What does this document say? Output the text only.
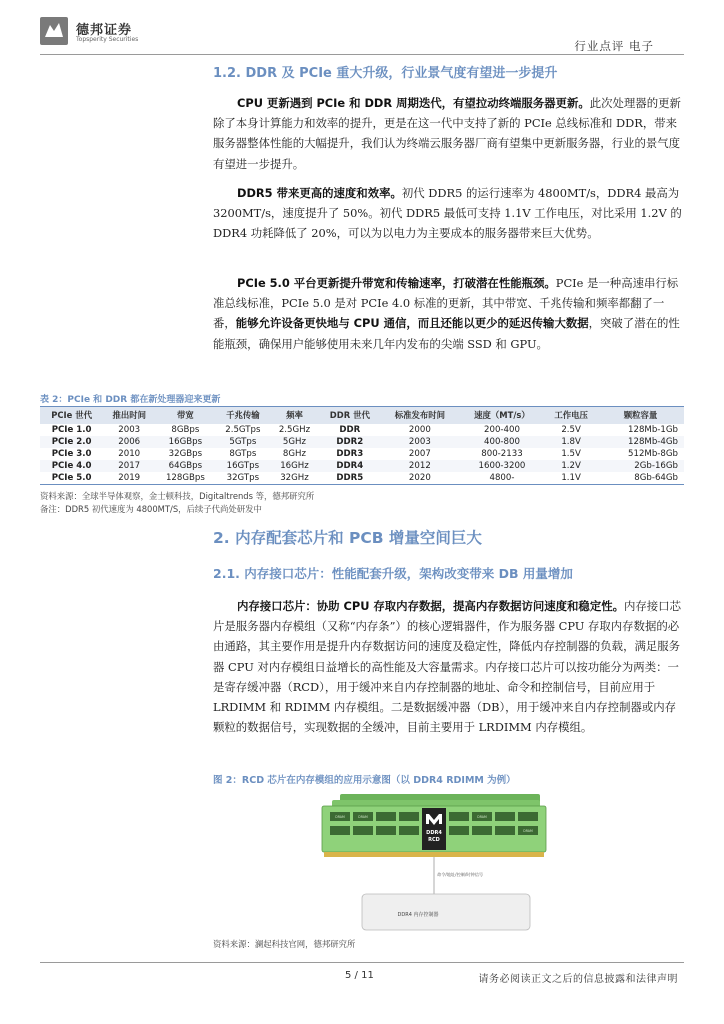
德邦证券
Topsperity Securities	行业点评 电子
1.2. DDR 及 PCIe 重大升级，行业景气度有望进一步提升
CPU 更新遇到 PCIe 和 DDR 周期迭代，有望拉动终端服务器更新。此次处理器的更新除了本身计算能力和效率的提升，更是在这一代中支持了新的 PCIe 总线标准和 DDR，带来服务器整体性能的大幅提升，我们认为终端云服务器厂商有望集中更新服务器，行业的景气度有望进一步提升。
DDR5 带来更高的速度和效率。初代 DDR5 的运行速率为 4800MT/s，DDR4 最高为 3200MT/s，速度提升了 50%。初代 DDR5 最低可支持 1.1V 工作电压，对比采用 1.2V 的 DDR4 功耗降低了 20%，可以为以电力为主要成本的服务器带来巨大优势。
PCIe 5.0 平台更新提升带宽和传输速率，打破潜在性能瓶颈。PCIe 是一种高速串行标准总线标准，PCIe 5.0 是对 PCIe 4.0 标准的更新，其中带宽、千兆传输和频率都翻了一番，能够允许设备更快地与 CPU 通信，而且还能以更少的延迟传输大数据，突破了潜在的性能瓶颈，确保用户能够使用未来几年内发布的尖端 SSD 和 GPU。
表 2：PCIe 和 DDR 都在新处理器迎来更新
PCIe 世代	推出时间	带宽	千兆传输	频率	DDR 世代	标准发布时间	速度（MT/s）	工作电压	颗粒容量
PCIe 1.0	2003	8GBps	2.5GTps	2.5GHz	DDR	2000	200-400	2.5V	128Mb-1Gb
PCIe 2.0	2006	16GBps	5GTps	5GHz	DDR2	2003	400-800	1.8V	128Mb-4Gb
PCIe 3.0	2010	32GBps	8GTps	8GHz	DDR3	2007	800-2133	1.5V	512Mb-8Gb
PCIe 4.0	2017	64GBps	16GTps	16GHz	DDR4	2012	1600-3200	1.2V	2Gb-16Gb
PCIe 5.0	2019	128GBps	32GTps	32GHz	DDR5	2020	4800-	1.1V	8Gb-64Gb
资料来源：全球半导体观察，金士顿科技，Digitaltrends 等，德邦研究所
备注：DDR5 初代速度为 4800MT/S，后续子代尚处研发中
2. 内存配套芯片和 PCB 增量空间巨大
2.1. 内存接口芯片：性能配套升级，架构改变带来 DB 用量增加
内存接口芯片：协助 CPU 存取内存数据，提高内存数据访问速度和稳定性。内存接口芯片是服务器内存模组（又称“内存条”）的核心逻辑器件，作为服务器 CPU 存取内存数据的必由通路，其主要作用是提升内存数据访问的速度及稳定性，降低内存控制器的负载，满足服务器 CPU 对内存模组日益增长的高性能及大容量需求。内存接口芯片可以按功能分为两类：一是寄存缓冲器（RCD），用于缓冲来自内存控制器的地址、命令和控制信号，目前应用于 LRDIMM 和 RDIMM 内存模组。二是数据缓冲器（DB），用于缓冲来自内存控制器或内存颗粒的数据信号，实现数据的全缓冲，目前主要用于 LRDIMM 内存模组。
图 2：RCD 芯片在内存模组的应用示意图（以 DDR4 RDIMM 为例）
DRAM	DRAM	DRAM
DRAM
DDR4
RCD
命令/地址/控制/时钟信号
DDR4 内存控制器
资料来源：澜起科技官网，德邦研究所
5 / 11	请务必阅读正文之后的信息披露和法律声明
